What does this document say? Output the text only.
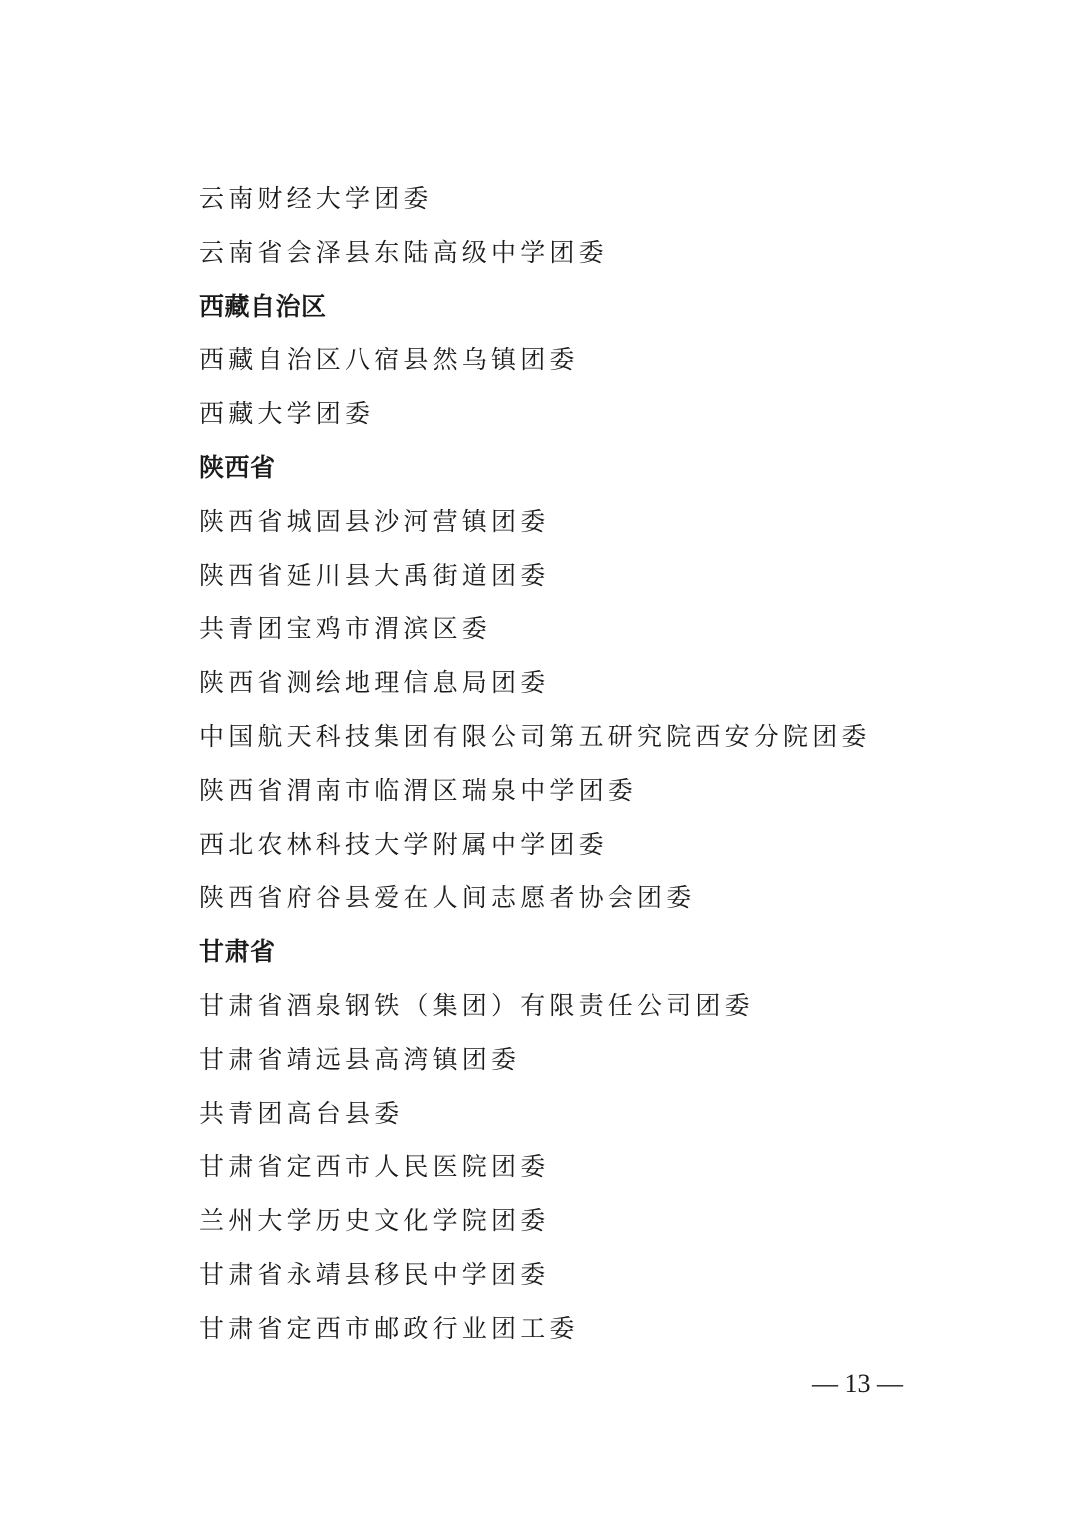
云南财经大学团委
云南省会泽县东陆高级中学团委
西藏自治区
西藏自治区八宿县然乌镇团委
西藏大学团委
陕西省
陕西省城固县沙河营镇团委
陕西省延川县大禹街道团委
共青团宝鸡市渭滨区委
陕西省测绘地理信息局团委
中国航天科技集团有限公司第五研究院西安分院团委
陕西省渭南市临渭区瑞泉中学团委
西北农林科技大学附属中学团委
陕西省府谷县爱在人间志愿者协会团委
甘肃省
甘肃省酒泉钢铁（集团）有限责任公司团委
甘肃省靖远县高湾镇团委
共青团高台县委
甘肃省定西市人民医院团委
兰州大学历史文化学院团委
甘肃省永靖县移民中学团委
甘肃省定西市邮政行业团工委
— 13 —
